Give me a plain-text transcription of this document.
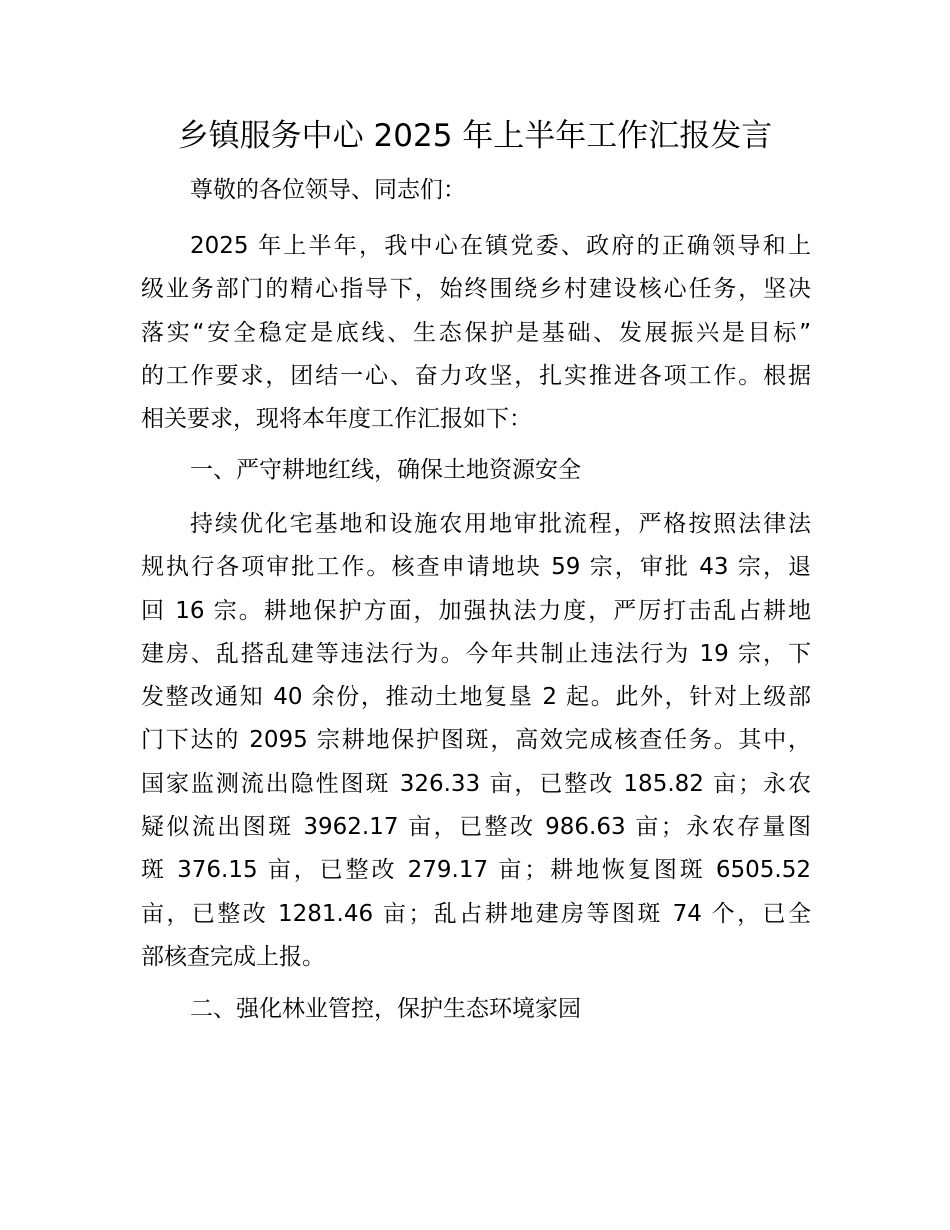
乡镇服务中心 2025 年上半年工作汇报发言
尊敬的各位领导、同志们：
2025 年上半年，我中心在镇党委、政府的正确领导和上
级业务部门的精心指导下，始终围绕乡村建设核心任务，坚决
落实“安全稳定是底线、生态保护是基础、发展振兴是目标”
的工作要求，团结一心、奋力攻坚，扎实推进各项工作。根据
相关要求，现将本年度工作汇报如下：
一、严守耕地红线，确保土地资源安全
持续优化宅基地和设施农用地审批流程，严格按照法律法
规执行各项审批工作。核查申请地块 59 宗，审批 43 宗，退
回 16 宗。耕地保护方面，加强执法力度，严厉打击乱占耕地
建房、乱搭乱建等违法行为。今年共制止违法行为 19 宗，下
发整改通知 40 余份，推动土地复垦 2 起。此外，针对上级部
门下达的 2095 宗耕地保护图斑，高效完成核查任务。其中，
国家监测流出隐性图斑 326.33 亩，已整改 185.82 亩；永农
疑似流出图斑 3962.17 亩，已整改 986.63 亩；永农存量图
斑 376.15 亩，已整改 279.17 亩；耕地恢复图斑 6505.52
亩，已整改 1281.46 亩；乱占耕地建房等图斑 74 个，已全
部核查完成上报。
二、强化林业管控，保护生态环境家园
